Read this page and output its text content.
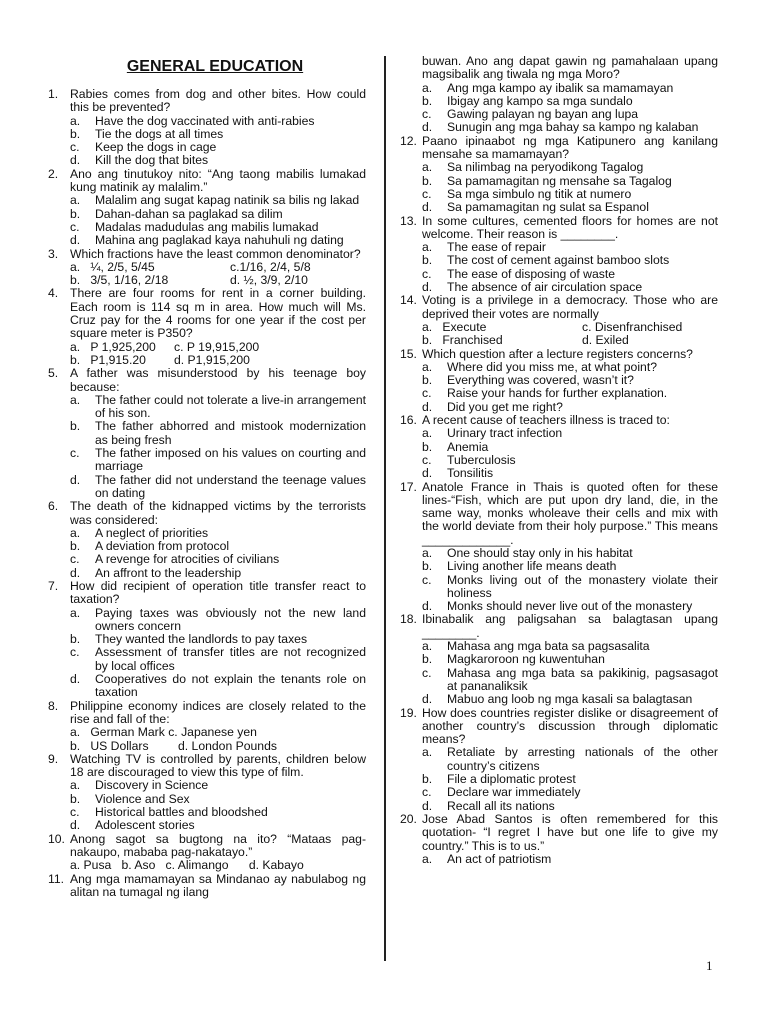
GENERAL EDUCATION
1. Rabies comes from dog and other bites. How could this be prevented?
a.	Have the dog vaccinated with anti-rabies
b.	Tie the dogs at all times
c.	Keep the dogs in cage
d.	Kill the dog that bites
2. Ano ang tinutukoy nito: “Ang taong mabilis lumakad kung matinik ay malalim.”
a.	Malalim ang sugat kapag natinik sa bilis ng lakad
b.	Dahan-dahan sa paglakad sa dilim
c.	Madalas madudulas ang mabilis lumakad
d.	Mahina ang paglakad kaya nahuhuli ng dating
3. Which fractions have the least common denominator?
a.   ¼, 2/5, 5/45	c.1/16, 2/4, 5/8
b.   3/5, 1/16, 2/18	d. ½, 3/9, 2/10
4. There are four rooms for rent in a corner building. Each room is 114 sq m in area. How much will Ms. Cruz pay for the 4 rooms for one year if the cost per square meter is P350?
a.   P 1,925,200	c. P 19,915,200
b.   P1,915.20	d. P1,915,200
5. A father was misunderstood by his teenage boy because:
a.	The father could not tolerate a live-in arrangement of his son.
b.	The father abhorred and mistook modernization as being fresh
c.	The father imposed on his values on courting and marriage
d.	The father did not understand the teenage values on dating
6. The death of the kidnapped victims by the terrorists was considered:
a.	A neglect of priorities
b.	A deviation from protocol
c.	A revenge for atrocities of civilians
d.	An affront to the leadership
7. How did recipient of operation title transfer react to taxation?
a.	Paying taxes was obviously not the new land owners concern
b.	They wanted the landlords to pay taxes
c.	Assessment of transfer titles are not recognized by local offices
d.	Cooperatives do not explain the tenants role on taxation
8. Philippine economy indices are closely related to the rise and fall of the:
a.   German Mark c. Japanese yen
b.   US Dollars	d. London Pounds
9. Watching TV is controlled by parents, children below 18 are discouraged to view this type of film.
a.	Discovery in Science
b.	Violence and Sex
c.	Historical battles and bloodshed
d.	Adolescent stories
10. Anong sagot sa bugtong na ito? “Mataas pag-nakaupo, mababa pag-nakatayo.”
a. Pusa   b. Aso   c. Alimango      d. Kabayo
11. Ang mga mamamayan sa Mindanao ay nabulabog ng alitan na tumagal ng ilang
buwan. Ano ang dapat gawin ng pamahalaan upang magsibalik ang tiwala ng mga Moro?
a.	Ang mga kampo ay ibalik sa mamamayan
b.	Ibigay ang kampo sa mga sundalo
c.	Gawing palayan ng bayan ang lupa
d.	Sunugin ang mga bahay sa kampo ng kalaban
12. Paano ipinaabot ng mga Katipunero ang kanilang mensahe sa mamamayan?
a.	Sa nilimbag na peryodikong Tagalog
b.	Sa pamamagitan ng mensahe sa Tagalog
c.	Sa mga simbulo ng titik at numero
d.	Sa pamamagitan ng sulat sa Espanol
13. In some cultures, cemented floors for homes are not welcome. Their reason is ________.
a.	The ease of repair
b.	The cost of cement against bamboo slots
c.	The ease of disposing of waste
d.	The absence of air circulation space
14. Voting is a privilege in a democracy. Those who are deprived their votes are normally
a.   Execute	c. Disenfranchised
b.   Franchised	d. Exiled
15. Which question after a lecture registers concerns?
a.	Where did you miss me, at what point?
b.	Everything was covered, wasn’t it?
c.	Raise your hands for further explanation.
d.	Did you get me right?
16. A recent cause of teachers illness is traced to:
a.	Urinary tract infection
b.	Anemia
c.	Tuberculosis
d.	Tonsilitis
17. Anatole France in Thais is quoted often for these lines-“Fish, which are put upon dry land, die, in the same way, monks wholeave their cells and mix with the world deviate from their holy purpose.” This means _____________.
a.	One should stay only in his habitat
b.	Living another life means death
c.	Monks living out of the monastery violate their holiness
d.	Monks should never live out of the monastery
18. Ibinabalik ang paligsahan sa balagtasan upang ________.
a.	Mahasa ang mga bata sa pagsasalita
b.	Magkaroroon ng kuwentuhan
c.	Mahasa ang mga bata sa pakikinig, pagsasagot at pananaliksik
d.	Mabuo ang loob ng mga kasali sa balagtasan
19. How does countries register dislike or disagreement of another country’s discussion through diplomatic means?
a.	Retaliate by arresting nationals of the other country’s citizens
b.	File a diplomatic protest
c.	Declare war immediately
d.	Recall all its nations
20. Jose Abad Santos is often remembered for this quotation- “I regret I have but one life to give my country.” This is to us.”
a.	An act of patriotism
1
